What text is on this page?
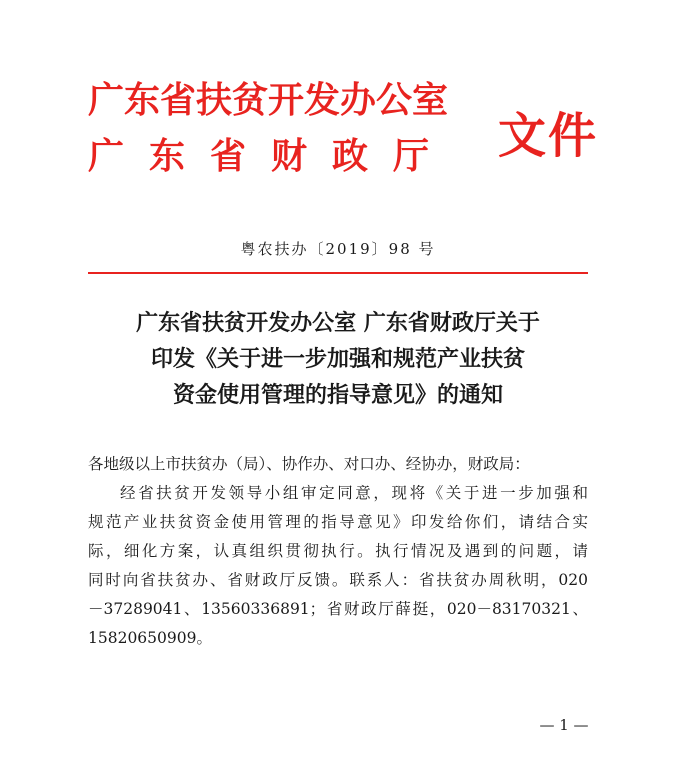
广东省扶贫开发办公室

广东省财政厅 文件

粤农扶办〔2019〕98 号

广东省扶贫开发办公室 广东省财政厅关于
印发《关于进一步加强和规范产业扶贫
资金使用管理的指导意见》的通知

各地级以上市扶贫办（局）、协作办、对口办、经协办，财政局：

经省扶贫开发领导小组审定同意，现将《关于进一步加强和

规范产业扶贫资金使用管理的指导意见》印发给你们，请结合实

际，细化方案，认真组织贯彻执行。执行情况及遇到的问题，请

同时向省扶贫办、省财政厅反馈。联系人：省扶贫办周秋明，020

－37289041、13560336891；省财政厅薛挺，020－83170321、

15820650909。

— 1 —
